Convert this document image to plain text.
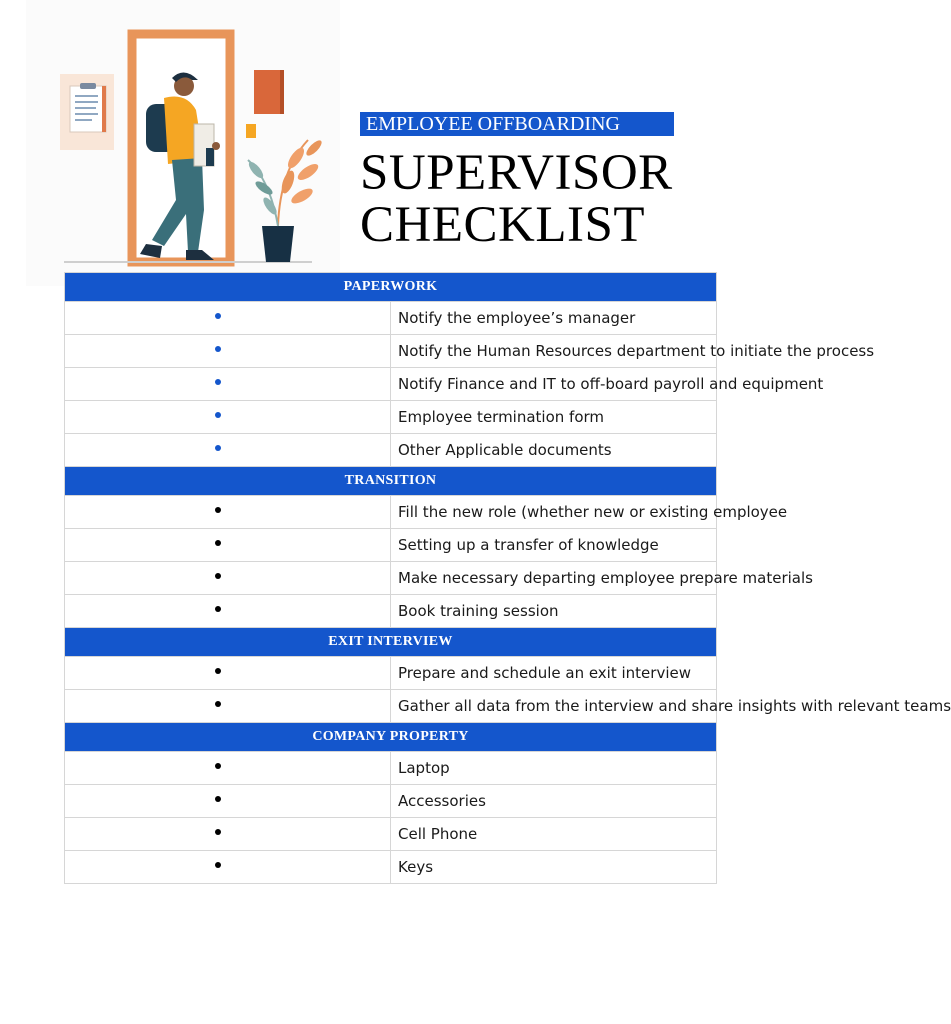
EMPLOYEE OFFBOARDING
SUPERVISOR
CHECKLIST
PAPERWORK	
	Notify the employee’s manager
	Notify the Human Resources department to initiate the process
	Notify Finance and IT to off-board payroll and equipment
	Employee termination form
	Other Applicable documents
TRANSITION	
	Fill the new role (whether new or existing employee
	Setting up a transfer of knowledge
	Make necessary departing employee prepare materials
	Book training session
EXIT INTERVIEW	
	Prepare and schedule an exit interview
	Gather all data from the interview and share insights with relevant teams
COMPANY PROPERTY	
	Laptop
	Accessories
	Cell Phone
	Keys
